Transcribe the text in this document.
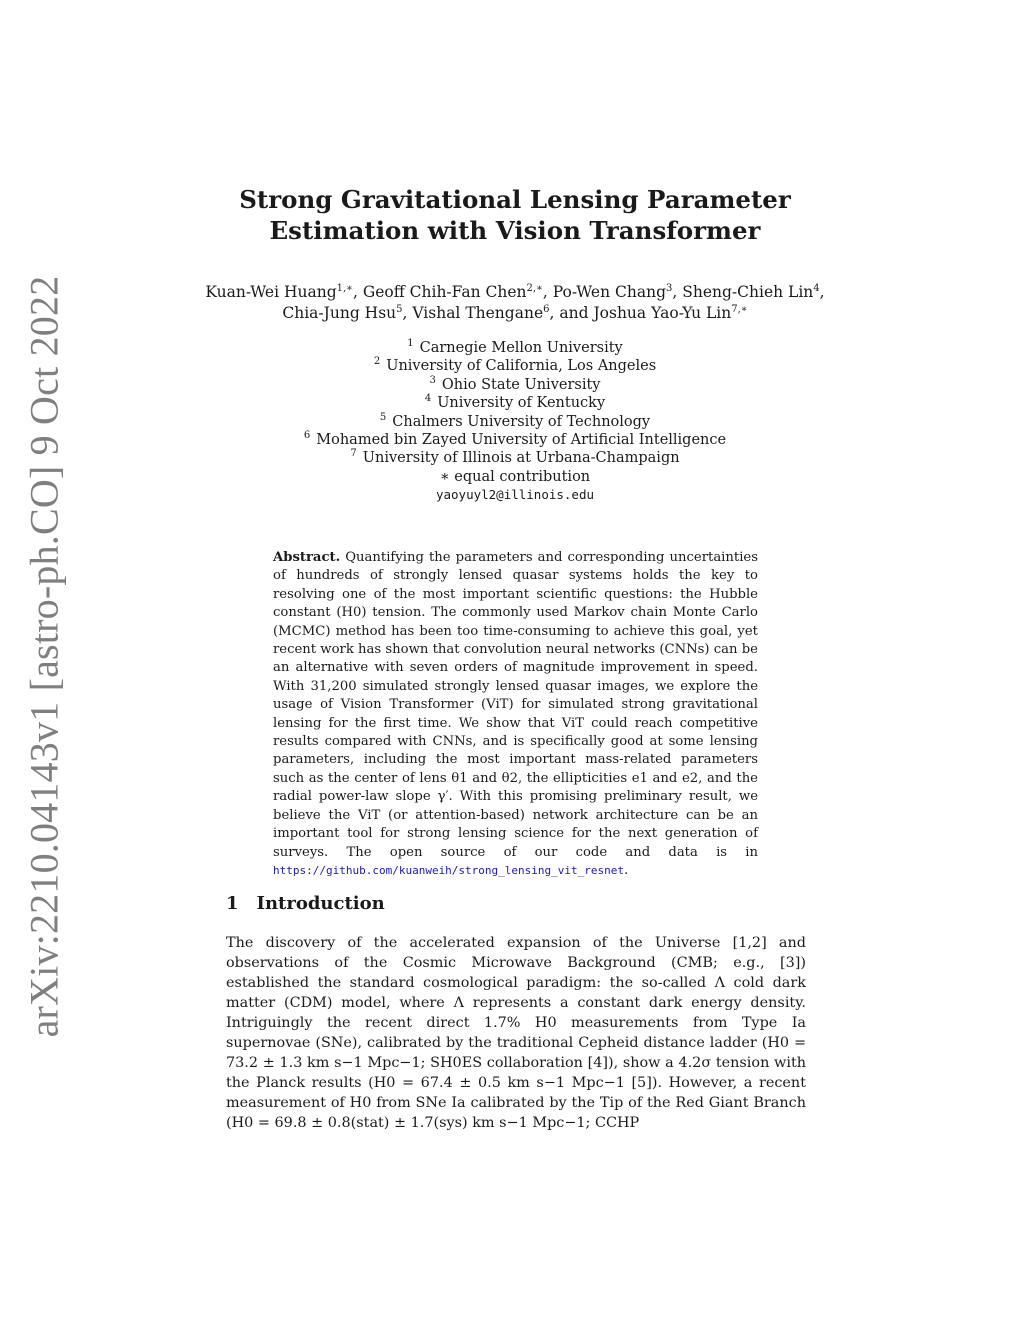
arXiv:2210.04143v1 [astro-ph.CO] 9 Oct 2022
Strong Gravitational Lensing Parameter Estimation with Vision Transformer
Kuan-Wei Huang$^{1,∗}$, Geoff Chih-Fan Chen$^{2,∗}$, Po-Wen Chang$^3$, Sheng-Chieh Lin$^4$, Chia-Jung Hsu$^5$, Vishal Thengane$^6$, and Joshua Yao-Yu Lin$^{7,∗}$
$^1$ Carnegie Mellon University
$^2$ University of California, Los Angeles
$^3$ Ohio State University
$^4$ University of Kentucky
$^5$ Chalmers University of Technology
$^6$ Mohamed bin Zayed University of Artificial Intelligence
$^7$ University of Illinois at Urbana-Champaign
∗ equal contribution
yaoyuyl2@illinois.edu
Abstract. Quantifying the parameters and corresponding uncertainties of hundreds of strongly lensed quasar systems holds the key to resolving one of the most important scientific questions: the Hubble constant (H0) tension. The commonly used Markov chain Monte Carlo (MCMC) method has been too time-consuming to achieve this goal, yet recent work has shown that convolution neural networks (CNNs) can be an alternative with seven orders of magnitude improvement in speed. With 31,200 simulated strongly lensed quasar images, we explore the usage of Vision Transformer (ViT) for simulated strong gravitational lensing for the first time. We show that ViT could reach competitive results compared with CNNs, and is specifically good at some lensing parameters, including the most important mass-related parameters such as the center of lens θ1 and θ2, the ellipticities e1 and e2, and the radial power-law slope γ′. With this promising preliminary result, we believe the ViT (or attention-based) network architecture can be an important tool for strong lensing science for the next generation of surveys. The open source of our code and data is in https://github.com/kuanweih/strong_lensing_vit_resnet.
1 Introduction
The discovery of the accelerated expansion of the Universe [1,2] and observations of the Cosmic Microwave Background (CMB; e.g., [3]) established the standard cosmological paradigm: the so-called Λ cold dark matter (CDM) model, where Λ represents a constant dark energy density. Intriguingly the recent direct 1.7% H0 measurements from Type Ia supernovae (SNe), calibrated by the traditional Cepheid distance ladder (H0 = 73.2 ± 1.3 km s−1 Mpc−1; SH0ES collaboration [4]), show a 4.2σ tension with the Planck results (H0 = 67.4 ± 0.5 km s−1 Mpc−1 [5]). However, a recent measurement of H0 from SNe Ia calibrated by the Tip of the Red Giant Branch (H0 = 69.8 ± 0.8(stat) ± 1.7(sys) km s−1 Mpc−1; CCHP
